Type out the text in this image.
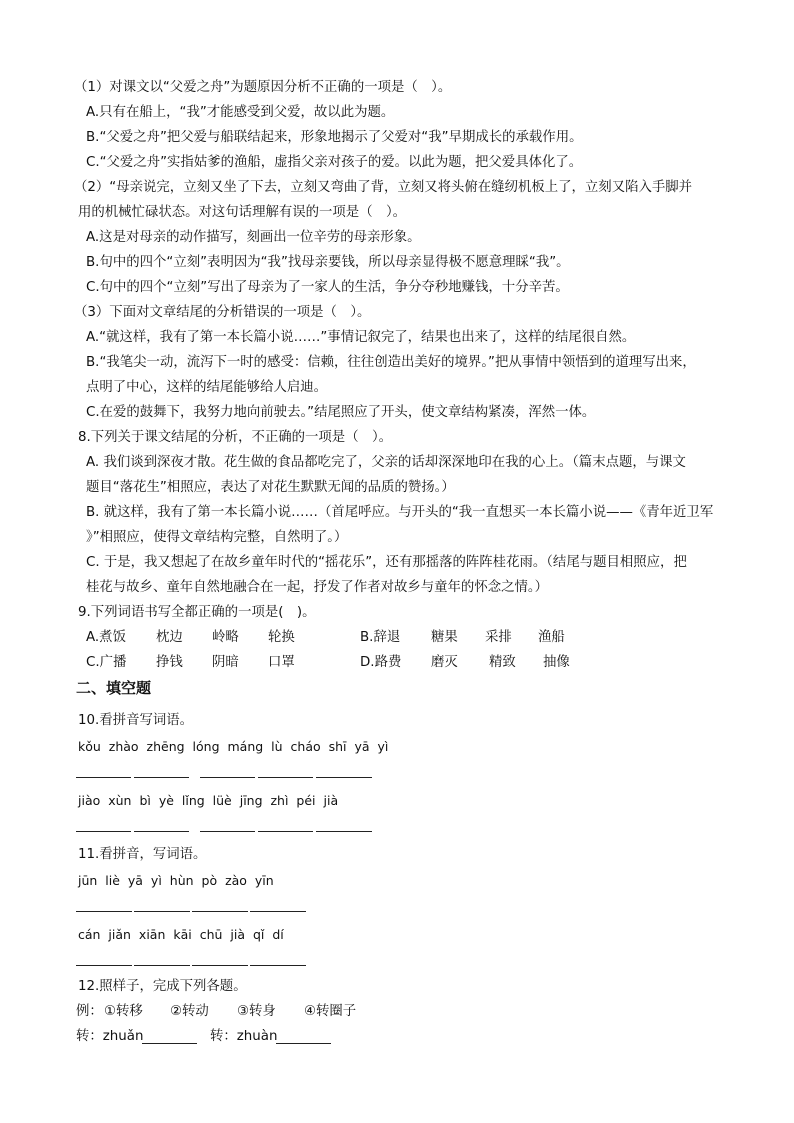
（1）对课文以“父爱之舟”为题原因分析不正确的一项是（　）。
A.只有在船上，“我”才能感受到父爱，故以此为题。
B.“父爱之舟”把父爱与船联结起来，形象地揭示了父爱对“我”早期成长的承载作用。
C.“父爱之舟”实指姑爹的渔船，虚指父亲对孩子的爱。以此为题，把父爱具体化了。
（2）“母亲说完，立刻又坐了下去，立刻又弯曲了背，立刻又将头俯在缝纫机板上了，立刻又陷入手脚并
用的机械忙碌状态。对这句话理解有误的一项是（　）。
A.这是对母亲的动作描写，刻画出一位辛劳的母亲形象。
B.句中的四个“立刻”表明因为“我”找母亲要钱，所以母亲显得极不愿意理睬“我”。
C.句中的四个“立刻”写出了母亲为了一家人的生活，争分夺秒地赚钱，十分辛苦。
（3）下面对文章结尾的分析错误的一项是（　）。
A.“就这样，我有了第一本长篇小说……”事情记叙完了，结果也出来了，这样的结尾很自然。
B.“我笔尖一动，流泻下一时的感受：信赖，往往创造出美好的境界。”把从事情中领悟到的道理写出来，
点明了中心，这样的结尾能够给人启迪。
C.在爱的鼓舞下，我努力地向前驶去。”结尾照应了开头，使文章结构紧凑，浑然一体。
8.下列关于课文结尾的分析，不正确的一项是（　）。
A. 我们谈到深夜才散。花生做的食品都吃完了，父亲的话却深深地印在我的心上。（篇末点题，与课文
题目“落花生”相照应，表达了对花生默默无闻的品质的赞扬。）
B. 就这样，我有了第一本长篇小说……（首尾呼应。与开头的“我一直想买一本长篇小说——《青年近卫军
》”相照应，使得文章结构完整，自然明了。）
C. 于是，我又想起了在故乡童年时代的“摇花乐”，还有那摇落的阵阵桂花雨。（结尾与题目相照应，把
桂花与故乡、童年自然地融合在一起，抒发了作者对故乡与童年的怀念之情。）
9.下列词语书写全都正确的一项是(　)。
A.煮饭 枕边 岭略 轮换	B.辞退 糖果 采排 渔船
C.广播 挣钱 阴暗 口罩	D.路费 磨灭 精致 抽像
二、填空题
10.看拼音写词语。
kǒu zhào zhēng lóng máng lù cháo shī yā yì
jiào xùn bì yè lǐng lüè jīng zhì péi jià
11.看拼音，写词语。
jūn liè yā yì hùn pò zào yīn
cán jiǎn xiān kāi chū jià qǐ dí
12.照样子，完成下列各题。
例： ①转移 ②转动 ③转身 ④转圈子
转：zhuǎn	转：zhuàn
